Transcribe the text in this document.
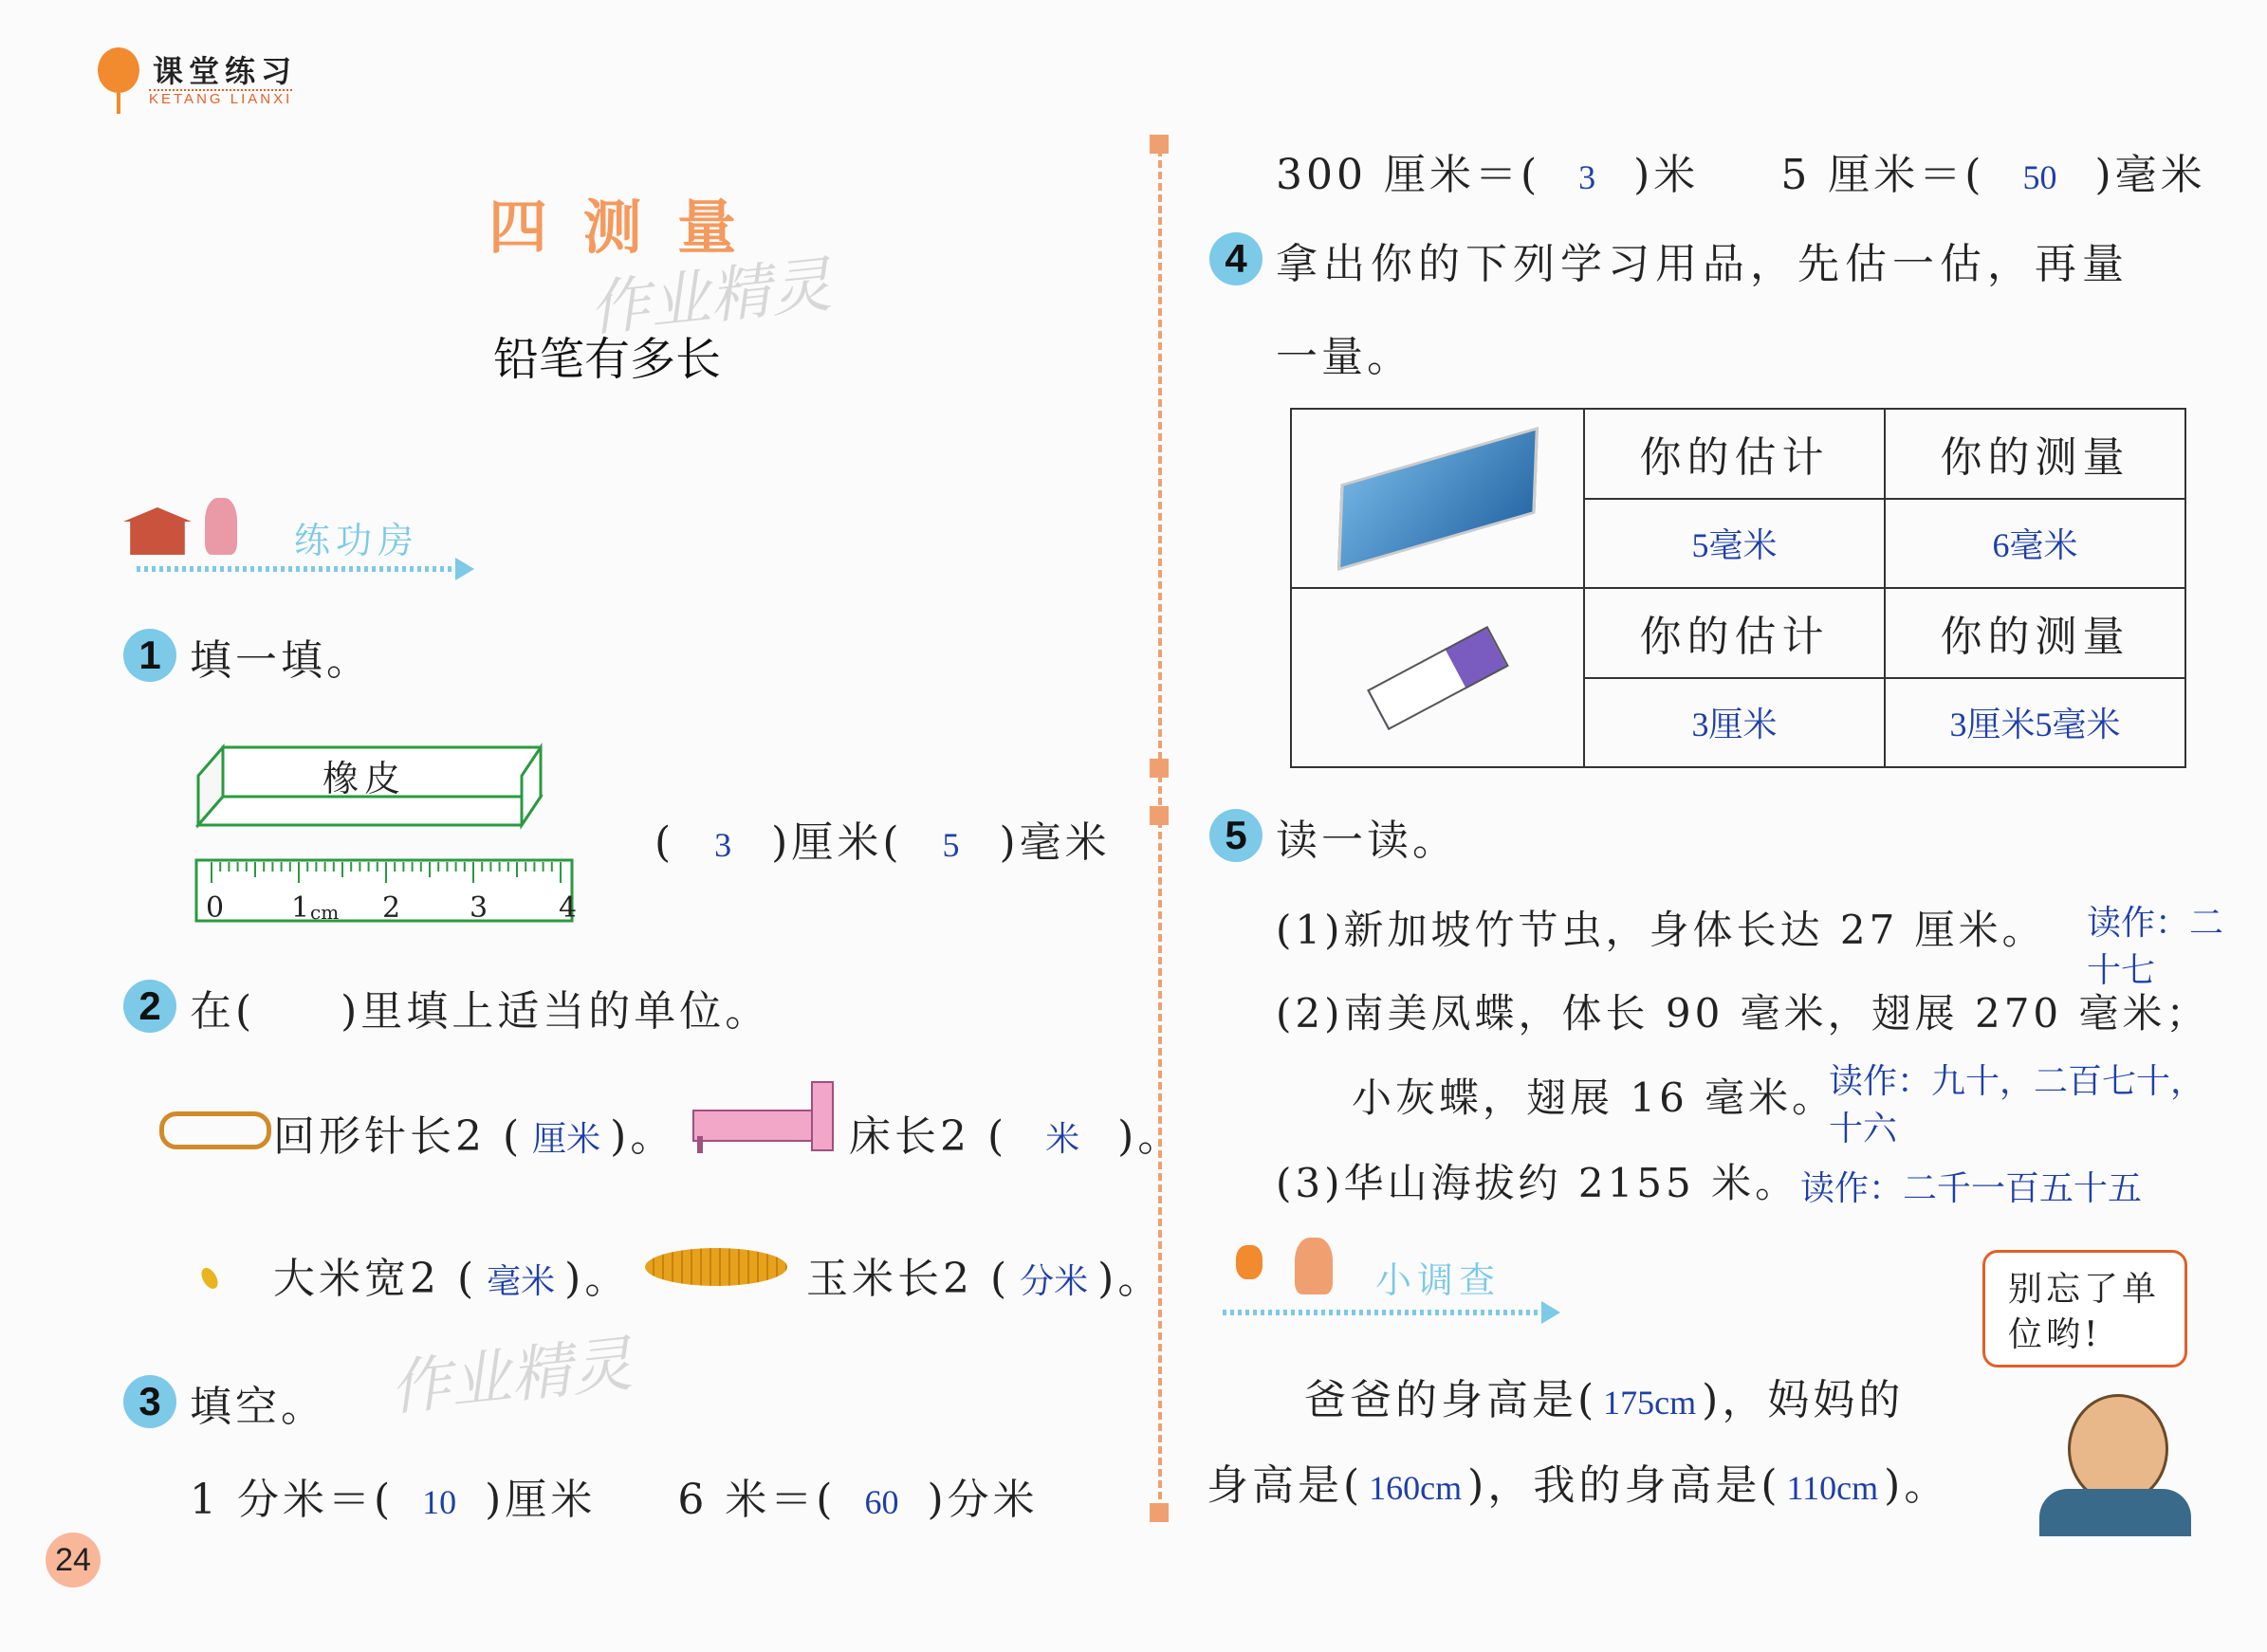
课堂练习
KETANG LIANXI
四 测 量
作业精灵
铅笔有多长
练功房
1 填一填。
橡皮
0 1 cm 2 3 4
( 3 )厘米( 5 )毫米
2 在(     )里填上适当的单位。
回形针长2 ( 厘米 )。	床长2 ( 米 )。
大米宽2 ( 毫米 )。	玉米长2 ( 分米 )。
作业精灵
3 填空。
1 分米＝( 10 )厘米 6 米＝( 60 )分米
24
300 厘米＝( 3 )米 5 厘米＝( 50 )毫米
4 拿出你的下列学习用品，先估一估，再量
一量。
	你的估计	你的测量
	5毫米	6毫米

	你的估计	你的测量
	3厘米	3厘米5毫米
5 读一读。
(1)新加坡竹节虫，身体长达 27 厘米。 读作：二
十七
(2)南美凤蝶，体长 90 毫米，翅展 270 毫米；
小灰蝶，翅展 16 毫米。
读作：九十，二百七十，
十六
(3)华山海拔约 2155 米。 读作：二千一百五十五
小调查	别忘了单
位哟!
爸爸的身高是( 175cm )，妈妈的
身高是( 160cm )，我的身高是( 110cm )。
